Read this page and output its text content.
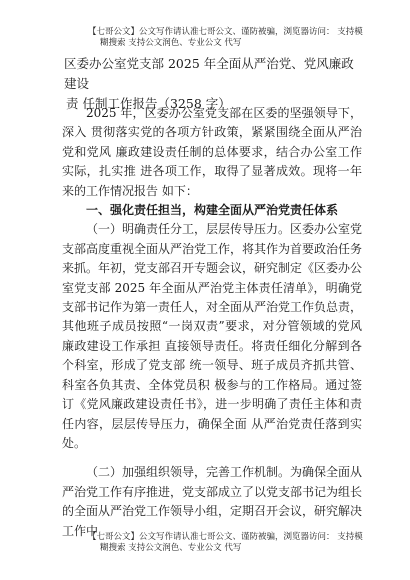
【七哥公文】公文写作请认准七哥公文、谨防被骗，浏览器访问： 支持模
糊搜索 支持公文润色、专业公文 代写
区委办公室党支部 2025 年全面从严治党、党风廉政建设
责 任制工作报告（3258 字）

2025 年，区委办公室党支部在区委的坚强领导下， 深入 贯彻落实党的各项方针政策，紧紧围绕全面从严治党和党风 廉政建设责任制的总体要求，结合办公室工作实际，扎实推 进各项工作，取得了显著成效。现将一年来的工作情况报告 如下：

一、强化责任担当，构建全面从严治党责任体系

（一）明确责任分工，层层传导压力。区委办公室党支部高度重视全面从严治党工作，将其作为首要政治任务来抓。年初，党支部召开专题会议，研究制定《区委办公室党支部 2025 年全面从严治党主体责任清单》，明确党支部书记作为第一责任人，对全面从严治党工作负总责，其他班子成员按照“一岗双责”要求，对分管领域的党风廉政建设工作承担 直接领导责任。将责任细化分解到各个科室，形成了党支部 统一领导、班子成员齐抓共管、科室各负其责、全体党员积 极参与的工作格局。通过签订《党风廉政建设责任书》，进一步明确了责任主体和责任内容，层层传导压力，确保全面 从严治党责任落到实处。

（二）加强组织领导，完善工作机制。为确保全面从严治党工作有序推进，党支部成立了以党支部书记为组长的全面从严治党工作领导小组，定期召开会议，研究解决工作中

【七哥公文】公文写作请认准七哥公文、谨防被骗，浏览器访问： 支持模
糊搜索 支持公文润色、专业公文 代写
